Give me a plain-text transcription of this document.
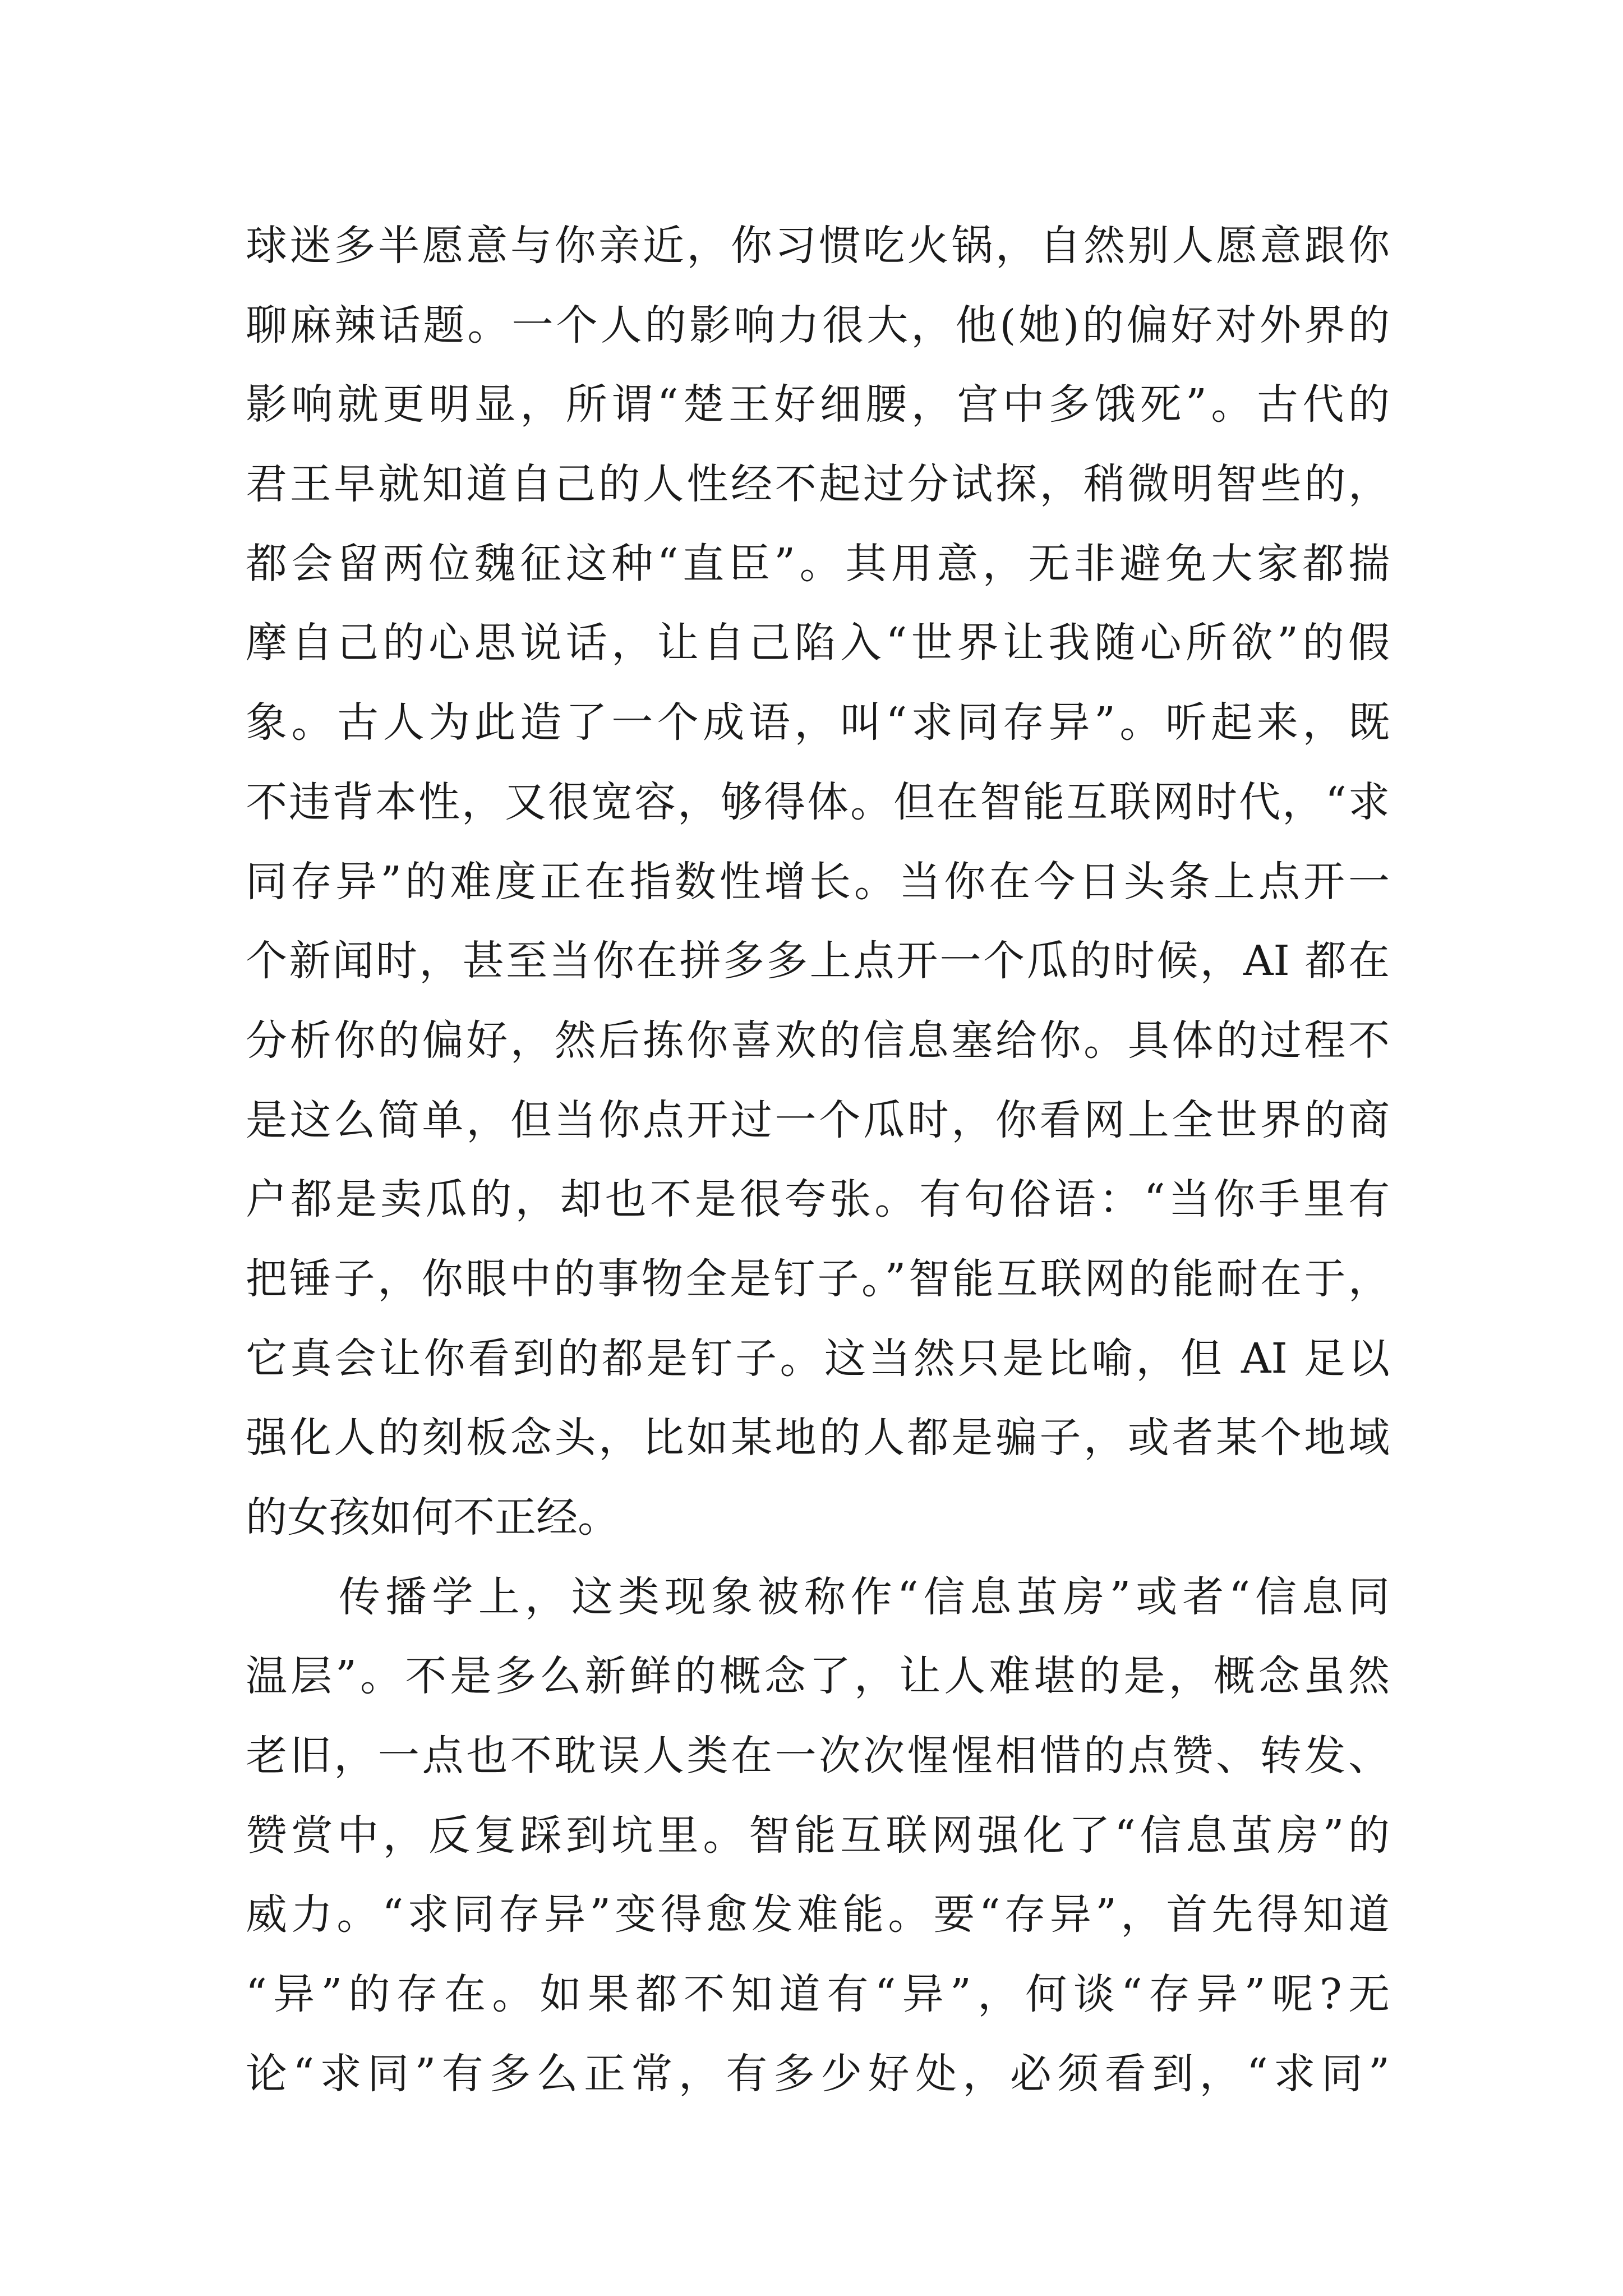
球迷多半愿意与你亲近，你习惯吃火锅，自然别人愿意跟你
聊麻辣话题。一个人的影响力很大，他(她)的偏好对外界的
影响就更明显，所谓“楚王好细腰，宫中多饿死”。古代的
君王早就知道自己的人性经不起过分试探，稍微明智些的，
都会留两位魏征这种“直臣”。其用意，无非避免大家都揣
摩自己的心思说话，让自己陷入“世界让我随心所欲”的假
象。古人为此造了一个成语，叫“求同存异”。听起来，既
不违背本性，又很宽容，够得体。但在智能互联网时代，“求
同存异”的难度正在指数性增长。当你在今日头条上点开一
个新闻时，甚至当你在拼多多上点开一个瓜的时候，AI 都在
分析你的偏好，然后拣你喜欢的信息塞给你。具体的过程不
是这么简单，但当你点开过一个瓜时，你看网上全世界的商
户都是卖瓜的，却也不是很夸张。有句俗语：“当你手里有
把锤子，你眼中的事物全是钉子。”智能互联网的能耐在于，
它真会让你看到的都是钉子。这当然只是比喻，但 AI 足以
强化人的刻板念头，比如某地的人都是骗子，或者某个地域
的女孩如何不正经。
　　传播学上，这类现象被称作“信息茧房”或者“信息同
温层”。不是多么新鲜的概念了，让人难堪的是，概念虽然
老旧，一点也不耽误人类在一次次惺惺相惜的点赞、转发、
赞赏中，反复踩到坑里。智能互联网强化了“信息茧房”的
威力。“求同存异”变得愈发难能。要“存异”，首先得知道
“异”的存在。如果都不知道有“异”，何谈“存异”呢?无
论“求同”有多么正常，有多少好处，必须看到，“求同”
